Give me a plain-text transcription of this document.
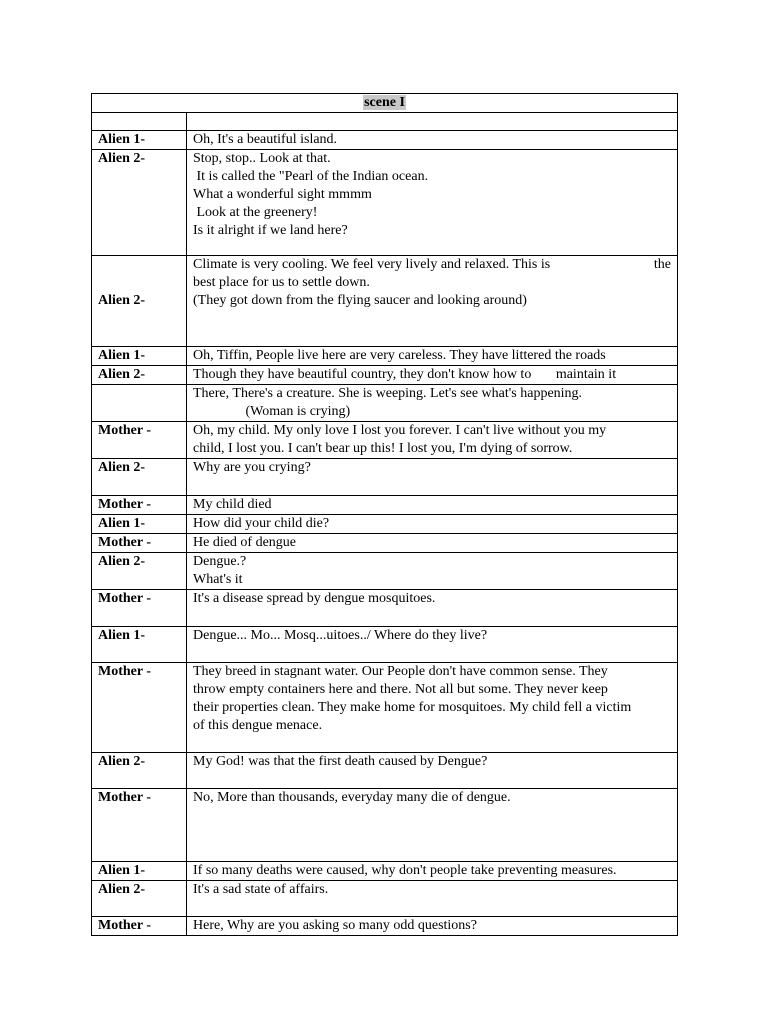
scene I	

Alien 1-	Oh, It's a beautiful island.

Alien 2-	Stop, stop.. Look at that.
It is called the "Pearl of the Indian ocean.
What a wonderful sight mmmm
Look at the greenery!
Is it alright if we land here?

Alien 2-	Climate is very cooling. We feel very lively and relaxed. This is the
best place for us to settle down.
(They got down from the flying saucer and looking around)

Alien 1-	Oh, Tiffin, People live here are very careless. They have littered the roads

Alien 2-	Though they have beautiful country, they don't know how to       maintain it

	There, There's a creature. She is weeping. Let's see what's happening.
(Woman is crying)

Mother -	Oh, my child. My only love I lost you forever. I can't live without you my
child, I lost you. I can't bear up this! I lost you, I'm dying of sorrow.

Alien 2-	Why are you crying?

Mother -	My child died

Alien 1-	How did your child die?

Mother -	He died of dengue

Alien 2-	Dengue.?
What's it

Mother -	It's a disease spread by dengue mosquitoes.

Alien 1-	Dengue... Mo... Mosq...uitoes../ Where do they live?

Mother -	They breed in stagnant water. Our People don't have common sense. They
throw empty containers here and there. Not all but some. They never keep
their properties clean. They make home for mosquitoes. My child fell a victim
of this dengue menace.

Alien 2-	My God! was that the first death caused by Dengue?

Mother -	No, More than thousands, everyday many die of dengue.

Alien 1-	If so many deaths were caused, why don't people take preventing measures.

Alien 2-	It's a sad state of affairs.

Mother -	Here, Why are you asking so many odd questions?
